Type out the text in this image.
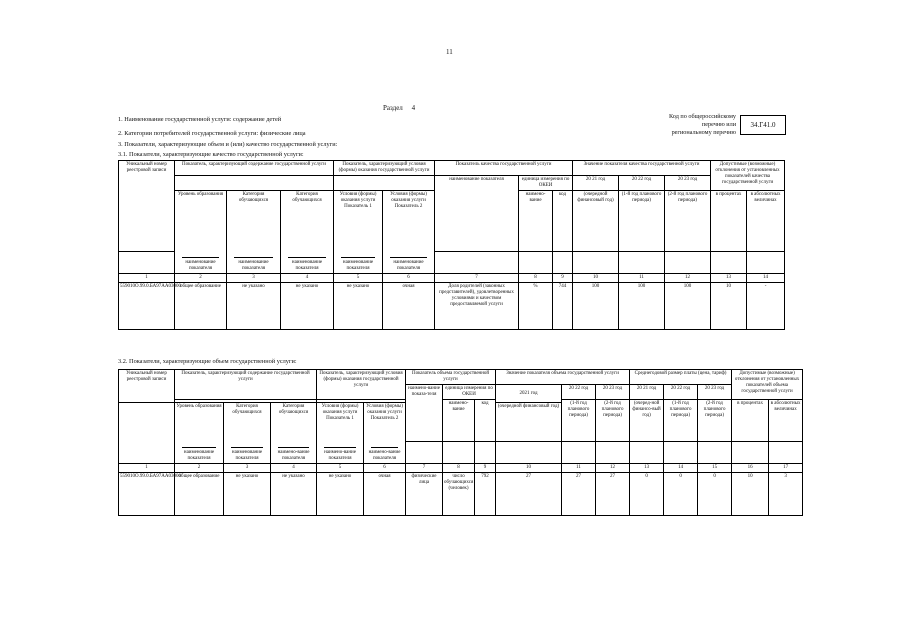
11
Раздел 4
1. Наименование государственной услуги: содержание детей	Код по общероссийскому
перечню или
региональному перечню
34.Г41.0
2. Категории потребителей государственной услуги: физические лица
3. Показатели, характеризующие объем и (или) качество государственной услуги:
3.1. Показатели, характеризующие качество государственной услуги:
Уникальный номер реестровой записи	Показатель, характеризующий содержание государственной услуги			Показатель, характеризующий условия (формы) оказания государственной услуги		Показатель качества государственной услуги			Значение показателя качества государственной услуги			Допустимые (возможные) отклонения от установленных показателей качества государственной услуги	
						наименование показателя	единица измерения по ОКЕИ		20 21 год	20 22 год	20 23 год		
							наимено-вание	код	(очередной финансовый год)	(1-й год планового периода)	(2-й год планового периода)	в процентах	в абсолютных величинах
	Уровень образования	Категория обучающихся	Категория обучающихся	Условия (формы) оказания услуги Показатель 1	Условия (формы) оказания услуги Показатель 2								

наименование показателя	наименование показателя	наименование показателя	наименование показателя	наименование показателя								
1	2	3	4	5	6	7	8	9	10	11	12	13	14
559010О.99.0.БА97АА03000	общее образование	не указано	не указано	не указано	очная	Доля родителей (законных представителей), удовлетворенных условиями и качеством предоставляемой услуги	%	744	100	100	100	10	-
3.2. Показатели, характеризующие объем государственной услуги:
Уникальный номер реестровой записи	Показатель, характеризующий содержание государственной услуги			Показатель, характеризующий условия (формы) оказания государственной услуги		Показатель объема государственной услуги			Значение показателя объема государственной услуги			Среднегодовой размер платы (цена, тариф)			Допустимые (возможные) отклонения от установленных показателей объема государственной услуги	
						наимено-вание показа-теля	единица измерения по ОКЕИ		2021 год	20 22 год	20 23 год	20 21 год	20 22 год	20 23 год		
							наимено-вание	код		(1-й год планового периода)	(2-й год планового периода)	(очеред-ной финансо-вый год)	(1-й год планового периода)	(2-й год планового периода)	в процентах	в абсолютных величинах
	Уровень образования	Категория обучающихся	Категория обучающихся	Условия (формы) оказания услуги Показатель 1	Условия (формы) оказания услуги Показатель 2				(очередной финансовый год)							

наименование показателя	наименование показателя	наимено-вание показателя	наимено-вание показателя	наимено-вание показателя											
1	2	3	4	5	6	7	8	9	10	11	12	13	14	15	16	17
559010О.99.0.БА97АА03000	общее образование	не указано	не указано	не указано	очная	физические лица	число обучающихся (человек)	792	27	27	27	0	0	0	10	3
